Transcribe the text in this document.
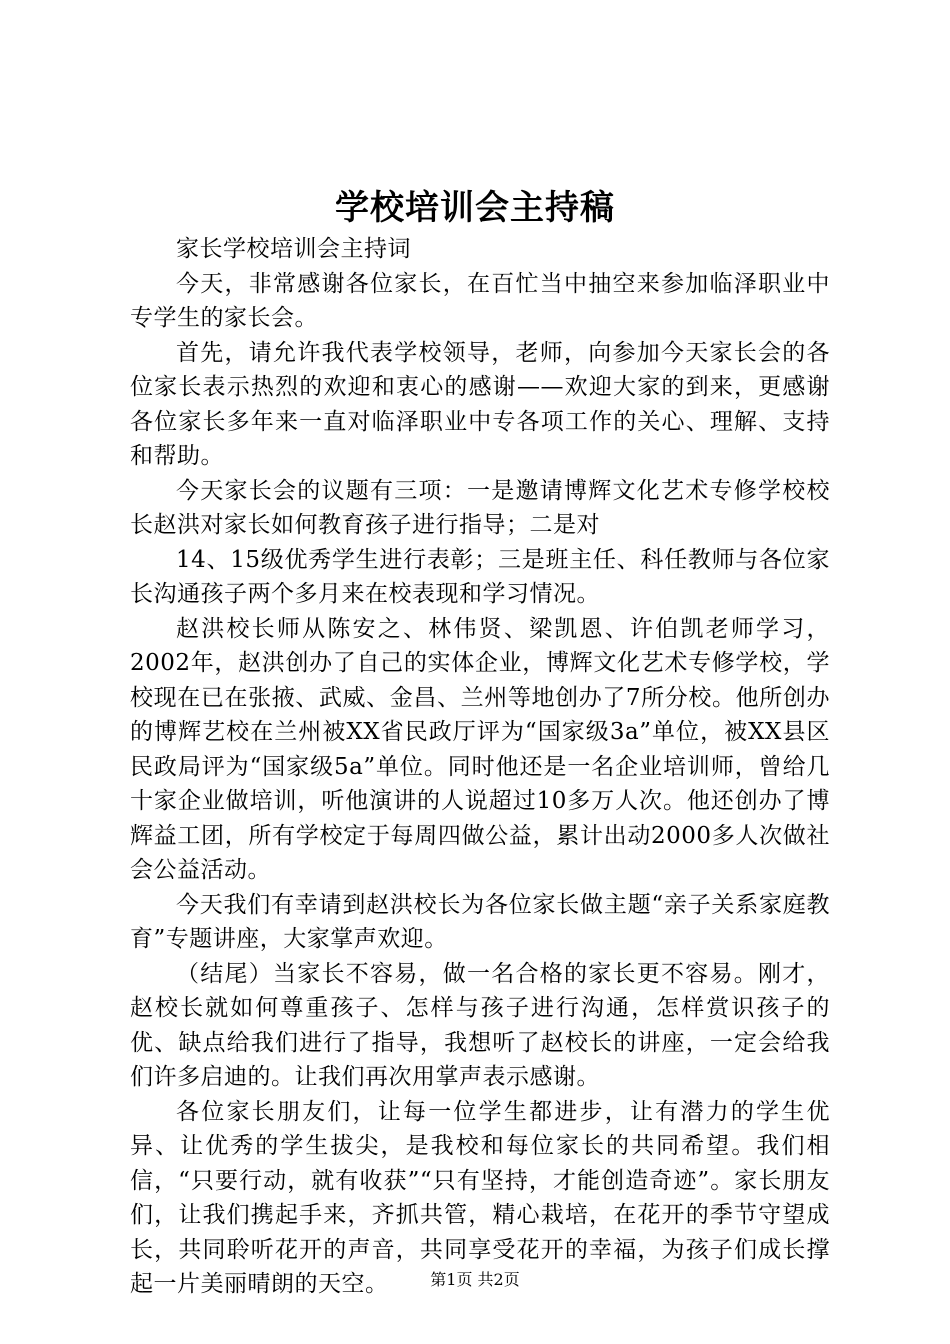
学校培训会主持稿

家长学校培训会主持词

今天，非常感谢各位家长，在百忙当中抽空来参加临泽职业中专学生的家长会。

首先，请允许我代表学校领导，老师，向参加今天家长会的各位家长表示热烈的欢迎和衷心的感谢——欢迎大家的到来，更感谢各位家长多年来一直对临泽职业中专各项工作的关心、理解、支持和帮助。

今天家长会的议题有三项：一是邀请博辉文化艺术专修学校校长赵洪对家长如何教育孩子进行指导；二是对

14、15级优秀学生进行表彰；三是班主任、科任教师与各位家长沟通孩子两个多月来在校表现和学习情况。

赵洪校长师从陈安之、林伟贤、梁凯恩、许伯凯老师学习，2002年，赵洪创办了自己的实体企业，博辉文化艺术专修学校，学校现在已在张掖、武威、金昌、兰州等地创办了7所分校。他所创办的博辉艺校在兰州被XX省民政厅评为“国家级3a”单位，被XX县区民政局评为“国家级5a”单位。同时他还是一名企业培训师，曾给几十家企业做培训，听他演讲的人说超过10多万人次。他还创办了博辉益工团，所有学校定于每周四做公益，累计出动2000多人次做社会公益活动。

今天我们有幸请到赵洪校长为各位家长做主题“亲子关系家庭教育”专题讲座，大家掌声欢迎。

（结尾）当家长不容易，做一名合格的家长更不容易。刚才，赵校长就如何尊重孩子、怎样与孩子进行沟通，怎样赏识孩子的优、缺点给我们进行了指导，我想听了赵校长的讲座，一定会给我们许多启迪的。让我们再次用掌声表示感谢。

各位家长朋友们，让每一位学生都进步，让有潜力的学生优异、让优秀的学生拔尖，是我校和每位家长的共同希望。我们相信，“只要行动，就有收获”“只有坚持，才能创造奇迹”。家长朋友们，让我们携起手来，齐抓共管，精心栽培，在花开的季节守望成长，共同聆听花开的声音，共同享受花开的幸福，为孩子们成长撑起一片美丽晴朗的天空。	第1页 共2页
